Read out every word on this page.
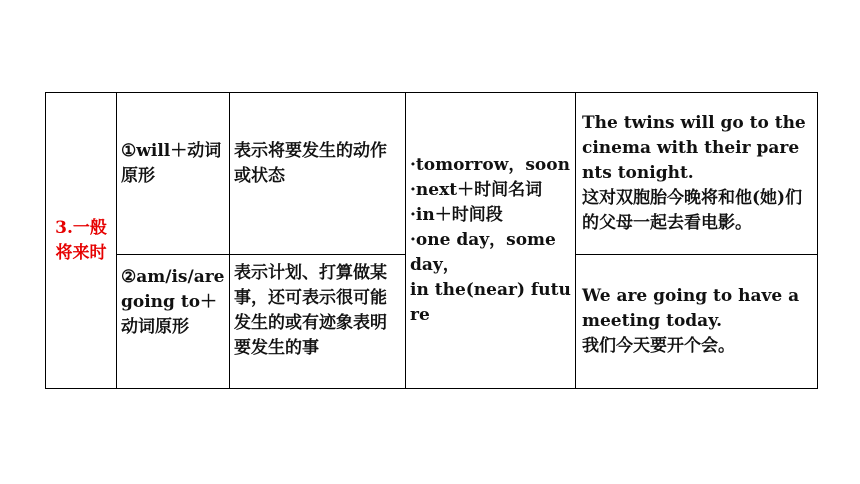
3.一般将来时	①will＋动词原形	表示将要发生的动作或状态	·tomorrow，soon
·next＋时间名词
·in＋时间段
·one day，some day，
in the(near) future	The twins will go to the cinema with their parents tonight.
这对双胞胎今晚将和他(她)们的父母一起去看电影。

	②am/is/are going to＋动词原形	表示计划、打算做某事，还可表示很可能发生的或有迹象表明要发生的事		We are going to have a meeting today.
我们今天要开个会。
